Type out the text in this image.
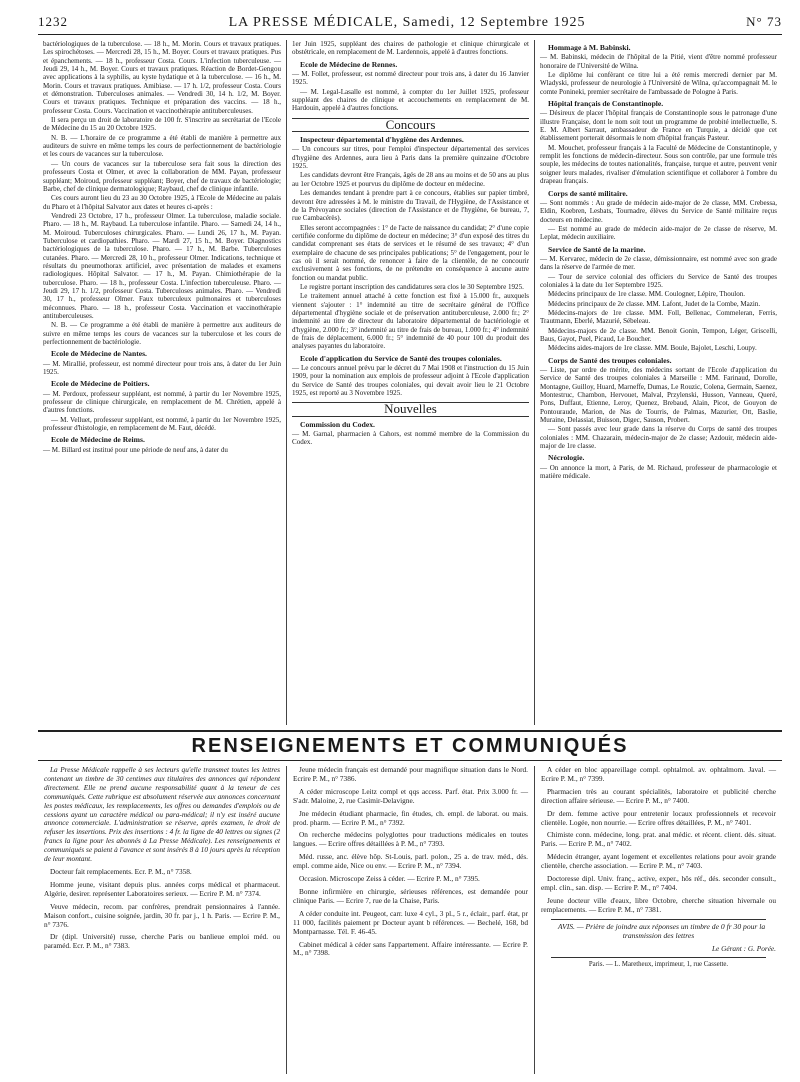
1232	LA PRESSE MÉDICALE, Samedi, 12 Septembre 1925	N° 73

bactériologiques de la tuberculose. — 18 h., M. Morin. Cours et travaux pratiques. Les spirochétoses. — Mercredi 28, 15 h., M. Boyer. Cours et travaux pratiques. Pus et épanchements. — 18 h., professeur Costa. Cours. L'infection tuberculeuse. — Jeudi 29, 14 h., M. Boyer. Cours et travaux pratiques. Réaction de Bordet-Gengou avec applications à la syphilis, au kyste hydatique et à la tuberculose. — 16 h., M. Morin. Cours et travaux pratiques. Amibiase. — 17 h. 1/2, professeur Costa. Cours et démonstration. Tuberculoses animales. — Vendredi 30, 14 h. 1/2, M. Boyer. Cours et travaux pratiques. Technique et préparation des vaccins. — 18 h., professeur Costa. Cours. Vaccination et vaccinothérapie antituberculeuses.

Il sera perçu un droit de laboratoire de 100 fr. S'inscrire au secrétariat de l'Ecole de Médecine du 15 au 20 Octobre 1925.

N. B. — L'horaire de ce programme a été établi de manière à permettre aux auditeurs de suivre en même temps les cours de perfectionnement de bactériologie et les cours de vacances sur la tuberculose.

— Un cours de vacances sur la tuberculose sera fait sous la direction des professeurs Costa et Olmer, et avec la collaboration de MM. Payan, professeur suppléant; Moiroud, professeur suppléant; Boyer, chef de travaux de bactériologie; Barbe, chef de clinique dermatologique; Raybaud, chef de clinique infantile.

Ces cours auront lieu du 23 au 30 Octobre 1925, à l'Ecole de Médecine au palais du Pharo et à l'hôpital Salvator aux dates et heures ci-après :

Vendredi 23 Octobre, 17 h., professeur Olmer. La tuberculose, maladie sociale. Pharo. — 18 h., M. Raybaud. La tuberculose infantile. Pharo. — Samedi 24, 14 h., M. Moiroud. Tuberculoses chirurgicales. Pharo. — Lundi 26, 17 h., M. Payan. Tuberculose et cardiopathies. Pharo. — Mardi 27, 15 h., M. Boyer. Diagnostics bactériologiques de la tuberculose. Pharo. — 17 h., M. Barbe. Tuberculoses cutanées. Pharo. — Mercredi 28, 10 h., professeur Olmer. Indications, technique et résultats du pneumothorax artificiel, avec présentation de malades et examens radiologiques. Hôpital Salvator. — 17 h., M. Payan. Chimiothérapie de la tuberculose. Pharo. — 18 h., professeur Costa. L'infection tuberculeuse. Pharo. — Jeudi 29, 17 h. 1/2, professeur Costa. Tuberculoses animales. Pharo. — Vendredi 30, 17 h., professeur Olmer. Faux tuberculeux pulmonaires et tuberculoses méconnues. Pharo. — 18 h., professeur Costa. Vaccination et vaccinothérapie antituberculeuses.

N. B. — Ce programme a été établi de manière à permettre aux auditeurs de suivre en même temps les cours de vacances sur la tuberculose et les cours de perfectionnement de bactériologie.

Ecole de Médecine de Nantes.

— M. Mirallié, professeur, est nommé directeur pour trois ans, à dater du 1er Juin 1925.

Ecole de Médecine de Poitiers.

— M. Perdoux, professeur suppléant, est nommé, à partir du 1er Novembre 1925, professeur de clinique chirurgicale, en remplacement de M. Chrétien, appelé à d'autres fonctions.

— M. Velluet, professeur suppléant, est nommé, à partir du 1er Novembre 1925, professeur d'histologie, en remplacement de M. Faut, décédé.

Ecole de Médecine de Reims.

— M. Billard est institué pour une période de neuf ans, à dater du

1er Juin 1925, suppléant des chaires de pathologie et clinique chirurgicale et obstétricale, en remplacement de M. Lardennois, appelé à d'autres fonctions.

Ecole de Médecine de Rennes.

— M. Follet, professeur, est nommé directeur pour trois ans, à dater du 16 Janvier 1925.

— M. Legal-Lasalle est nommé, à compter du 1er Juillet 1925, professeur suppléant des chaires de clinique et accouchements en remplacement de M. Hardouin, appelé à d'autres fonctions.

Concours
Inspecteur départemental d'hygiène des Ardennes.

— Un concours sur titres, pour l'emploi d'inspecteur départemental des services d'hygiène des Ardennes, aura lieu à Paris dans la première quinzaine d'Octobre 1925.

Les candidats devront être Français, âgés de 28 ans au moins et de 50 ans au plus au 1er Octobre 1925 et pourvus du diplôme de docteur en médecine.

Les demandes tendant à prendre part à ce concours, établies sur papier timbré, devront être adressées à M. le ministre du Travail, de l'Hygiène, de l'Assistance et de la Prévoyance sociales (direction de l'Assistance et de l'hygiène, 6e bureau, 7, rue Cambacérès).

Elles seront accompagnées : 1° de l'acte de naissance du candidat; 2° d'une copie certifiée conforme du diplôme de docteur en médecine; 3° d'un exposé des titres du candidat comprenant ses états de services et le résumé de ses travaux; 4° d'un exemplaire de chacune de ses principales publications; 5° de l'engagement, pour le cas où il serait nommé, de renoncer à faire de la clientèle, de ne concourir exclusivement à ses fonctions, de ne prétendre en conséquence à aucune autre fonction ou mandat public.

Le registre portant inscription des candidatures sera clos le 30 Septembre 1925.

Le traitement annuel attaché à cette fonction est fixé à 15.000 fr., auxquels viennent s'ajouter : 1° indemnité au titre de secrétaire général de l'Office départemental d'hygiène sociale et de préservation antituberculeuse, 2.000 fr.; 2° indemnité au titre de directeur du laboratoire départemental de bactériologie et d'hygiène, 2.000 fr.; 3° indemnité au titre de frais de bureau, 1.000 fr.; 4° indemnité de frais de déplacement, 6.000 fr.; 5° indemnité de 40 pour 100 du produit des analyses payantes du laboratoire.

Ecole d'application du Service de Santé des troupes coloniales.

— Le concours annuel prévu par le décret du 7 Mai 1908 et l'instruction du 15 Juin 1909, pour la nomination aux emplois de professeur adjoint à l'Ecole d'application du Service de Santé des troupes coloniales, qui devait avoir lieu le 21 Octobre 1925, est reporté au 3 Novembre 1925.

Nouvelles
Commission du Codex.

— M. Garnal, pharmacien à Cahors, est nommé membre de la Commission du Codex.

Hommage à M. Babinski.

— M. Babinski, médecin de l'hôpital de la Pitié, vient d'être nommé professeur honoraire de l'Université de Wilna.

Le diplôme lui confèrant ce titre lui a été remis mercredi dernier par M. Wladyski, professeur de neurologie à l'Université de Wilna, qu'accompagnait M. le comte Ponineki, premier secrétaire de l'ambassade de Pologne à Paris.

Hôpital français de Constantinople.

— Désireux de placer l'hôpital français de Constantinople sous le patronage d'une illustre Française, dont le nom soit tout un programme de probité intellectuelle, S. E. M. Albert Sarraut, ambassadeur de France en Turquie, a décidé que cet établissement porterait désormais le nom d'hôpital français Pasteur.

M. Mouchet, professeur français à la Faculté de Médecine de Constantinople, y remplit les fonctions de médecin-directeur. Sous son contrôle, par une formule très souple, les médecins de toutes nationalités, française, turque et autre, peuvent venir soigner leurs malades, rivaliser d'émulation scientifique et collaborer à l'ombre du drapeau français.

Corps de santé militaire.

— Sont nommés : Au grade de médecin aide-major de 2e classe, MM. Crebessa, Eldin, Koebren, Lesbats, Tournadre, élèves du Service de Santé militaire reçus docteurs en médecine.

— Est nommé au grade de médecin aide-major de 2e classe de réserve, M. Leplat, médecin auxiliaire.

Service de Santé de la marine.

— M. Kervarec, médecin de 2e classe, démissionnaire, est nommé avec son grade dans la réserve de l'armée de mer.

— Tour de service colonial des officiers du Service de Santé des troupes coloniales à la date du 1er Septembre 1925.

Médecins principaux de 1re classe. MM. Coulogner, Lépire, Thoulon.

Médecins principaux de 2e classe. MM. Lafont, Judet de la Combe, Mazin.

Médecins-majors de 1re classe. MM. Foll, Bellenac, Commeleran, Ferris, Trautmann, Eberlé, Mazurié, Sébeleau.

Médecins-majors de 2e classe. MM. Benoit Gonin, Tempon, Léger, Griscelli, Baus, Gayot, Puel, Picaud, Le Boucher.

Médecins aides-majors de 1re classe. MM. Boule, Bajolet, Leschi, Loupy.

Corps de Santé des troupes coloniales.

— Liste, par ordre de mérite, des médecins sortant de l'Ecole d'application du Service de Santé des troupes coloniales à Marseille : MM. Farinaud, Dorolle, Montagne, Guilloy, Huard, Marneffe, Dumas, Le Rouzic, Colena, Germain, Saenez, Montestruc, Chambon, Hervouet, Malval, Przylenski, Husson, Vanneau, Queré, Pons, Duffaut, Etienne, Leroy, Quenez, Brebaud, Alain, Picot, de Gouyon de Pontouraude, Marion, de Nas de Tourris, de Palmas, Mazurier, Ott, Baslie, Muraine, Delassiat, Buisson, Digec, Sauson, Probert.

— Sont passés avec leur grade dans la réserve du Corps de santé des troupes coloniales : MM. Chazarain, médecin-major de 2e classe; Azdouir, médecin aide-major de 1re classe.

Nécrologie.

— On annonce la mort, à Paris, de M. Richaud, professeur de pharmacologie et matière médicale.

RENSEIGNEMENTS ET COMMUNIQUÉS

La Presse Médicale rappelle à ses lecteurs qu'elle transmet toutes les lettres contenant un timbre de 30 centimes aux titulaires des annonces qui répondent directement. Elle ne prend aucune responsabilité quant à la teneur de ces communiqués. Cette rubrique est absolument réservée aux annonces concernant les postes médicaux, les remplacements, les offres ou demandes d'emplois ou de cessions ayant un caractère médical ou para-médical; il n'y est inséré aucune annonce commerciale. L'administration se réserve, après examen, le droit de refuser les insertions. Prix des insertions : 4 fr. la ligne de 40 lettres ou signes (2 francs la ligne pour les abonnés à La Presse Médicale). Les renseignements et communiqués se paient à l'avance et sont insérés 8 à 10 jours après la réception de leur montant.

Docteur fait remplacements. Ecr. P. M., n° 7358.

Homme jeune, visitant depuis plus. années corps médical et pharmaceut. Algérie, desirer. représenter Laboratoires serieux. — Ecrire P. M. n° 7374.

Veuve médecin, recom. par confrères, prendrait pensionnaires à l'année. Maison confort., cuisine soignée, jardin, 30 fr. par j., 1 h. Paris. — Ecrire P. M., n° 7376.

Dr (dipl. Université) russe, cherche Paris ou banlieue emploi méd. ou paraméd. Ecr. P. M., n° 7383.

Jeune médecin français est demandé pour magnifique situation dans le Nord. Ecrire P. M., n° 7386.

A céder microscope Leitz compl et qqs access. Parf. état. Prix 3.000 fr. — S'adr. Maloine, 2, rue Casimir-Delavigne.

Jne médecin étudiant pharmacie, fin études, ch. empl. de laborat. ou mais. prod. pharm. — Ecrire P. M., n° 7392.

On recherche médecins polyglottes pour traductions médicales en toutes langues. — Ecrire offres détaillées à P. M., n° 7393.

Méd. russe, anc. élève hôp. St-Louis, parl. polon., 25 a. de trav. méd., dés. empl. comme aide, Nice ou env. — Ecrire P. M., n° 7394.

Occasion. Microscope Zeiss à céder. — Ecrire P. M., n° 7395.

Bonne infirmière en chirurgie, sérieuses références, est demandée pour clinique Paris. — Ecrire 7, rue de la Chaise, Paris.

A céder conduite int. Peugeot, carr. luxe 4 cyl., 3 pl., 5 r., éclair., parf. état, pr 11 000, facilités paiement pr Docteur ayant b références. — Bechelé, 168, bd Montparnasse. Tél. F. 46-45.

Cabinet médical à céder sans l'appartement. Affaire intéressante. — Ecrire P. M., n° 7398.

A céder en bloc appareillage compl. ophtalmol. av. ophtalmom. Javal. — Ecrire P. M., n° 7399.

Pharmacien très au courant spécialités, laboratoire et publicité cherche direction affaire sérieuse. — Ecrire P. M., n° 7400.

Dr dem. femme active pour entretenir locaux professionnels et recevoir clientèle. Logée, non nourrie. — Ecrire offres détaillées, P. M., n° 7401.

Chimiste conn. médecine, long. prat. anal médic. et récent. client. dés. situat. Paris. — Ecrire P. M., n° 7402.

Médecin étranger, ayant logement et excellentes relations pour avoir grande clientèle, cherche association. — Ecrire P. M., n° 7403.

Doctoresse dipl. Univ. franç., active, exper., hôs réf., dés. seconder consult., empl. clin., san. disp. — Ecrire P. M., n° 7404.

Jeune docteur ville d'eaux, libre Octobre, cherche situation hivernale ou remplacements. — Ecrire P. M., n° 7381.

AVIS. — Prière de joindre aux réponses un timbre de 0 fr 30 pour la transmission des lettres

Le Gérant : G. Porée.

Paris. — L. Maretheux, imprimeur, 1, rue Cassette.
